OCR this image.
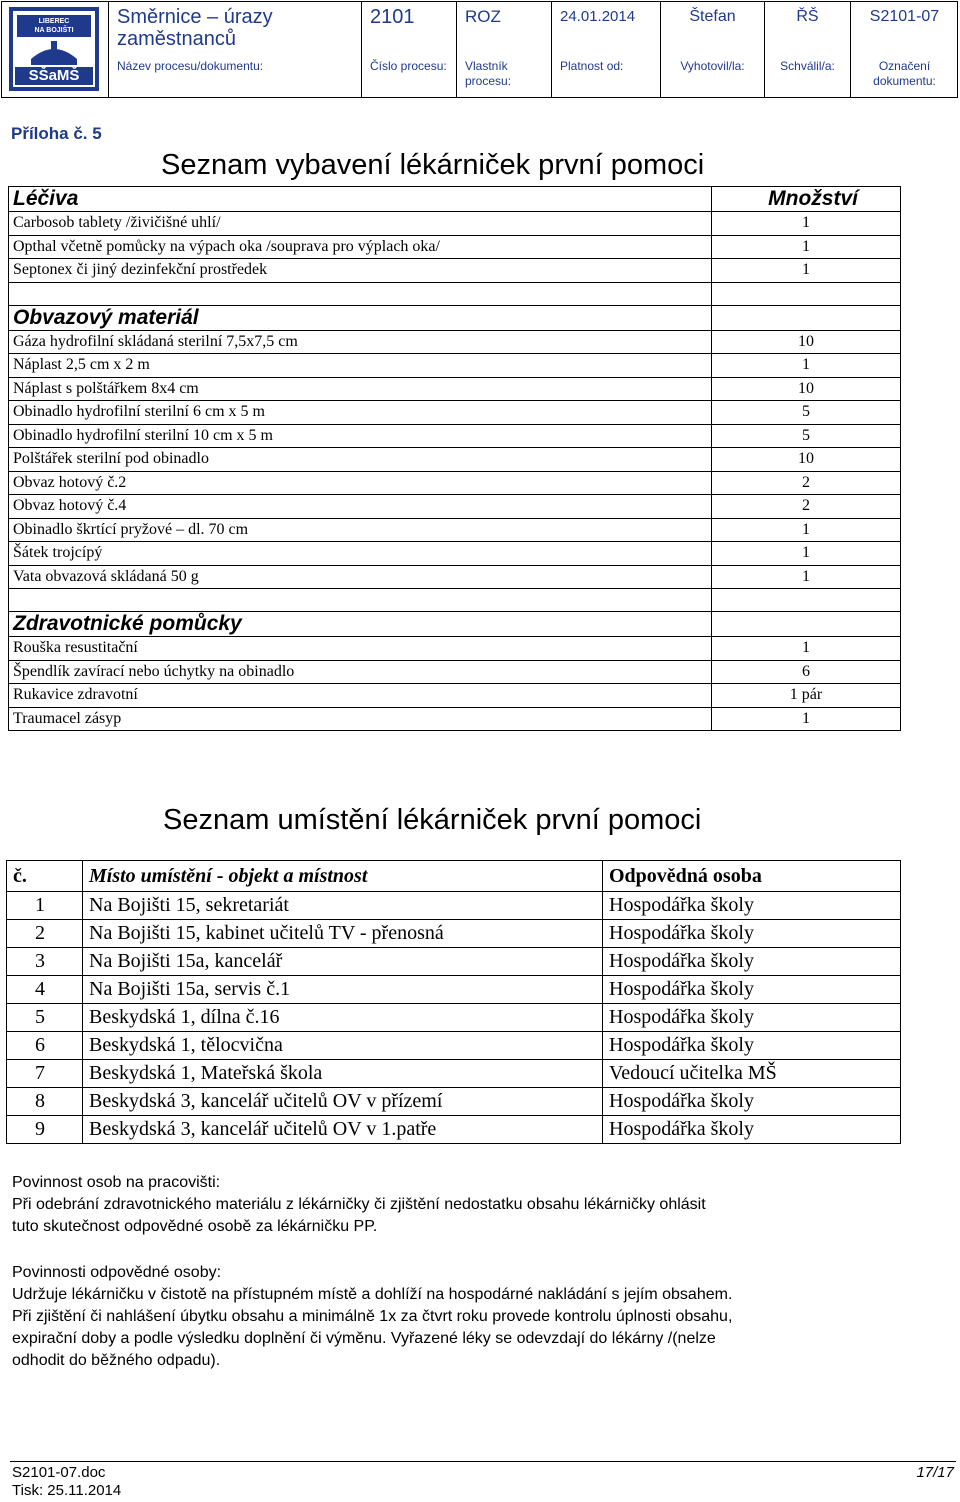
LIBEREC
NA BOJIŠTI
SŠaMŠ
Směrnice – úrazy zaměstnanců
Název procesu/dokumentu:
2101
Číslo procesu:
ROZ
Vlastník procesu:
24.01.2014
Platnost od:
Štefan
Vyhotovil/la:
ŘŠ
Schválil/a:
S2101-07
Označení dokumentu:
Příloha č. 5
Seznam vybavení lékárniček první pomoci
Léčiva	Množství
Carbosob tablety /živičišné uhlí/	1
Opthal včetně pomůcky na výpach oka /souprava pro výplach oka/	1
Septonex či jiný dezinfekční prostředek	1

Obvazový materiál	
Gáza hydrofilní skládaná sterilní 7,5x7,5 cm	10
Náplast 2,5 cm x 2 m	1
Náplast s polštářkem 8x4 cm	10
Obinadlo hydrofilní sterilní 6 cm x 5 m	5
Obinadlo hydrofilní sterilní 10 cm x 5 m	5
Polštářek sterilní pod obinadlo	10
Obvaz hotový č.2	2
Obvaz hotový č.4	2
Obinadlo škrtící pryžové – dl. 70 cm	1
Šátek trojcípý	1
Vata obvazová skládaná 50 g	1

Zdravotnické pomůcky	
Rouška resustitační	1
Špendlík zavírací nebo úchytky na obinadlo	6
Rukavice zdravotní	1 pár
Traumacel zásyp	1
Seznam umístění lékárniček první pomoci
č.	Místo umístění - objekt a místnost	Odpovědná osoba
1	Na Bojišti 15, sekretariát	Hospodářka školy
2	Na Bojišti 15, kabinet učitelů TV - přenosná	Hospodářka školy
3	Na Bojišti 15a, kancelář	Hospodářka školy
4	Na Bojišti 15a, servis č.1	Hospodářka školy
5	Beskydská 1, dílna č.16	Hospodářka školy
6	Beskydská 1, tělocvična	Hospodářka školy
7	Beskydská 1, Mateřská škola	Vedoucí učitelka MŠ
8	Beskydská 3, kancelář učitelů OV v přízemí	Hospodářka školy
9	Beskydská 3, kancelář učitelů OV v 1.patře	Hospodářka školy
Povinnost osob na pracovišti:
Při odebrání zdravotnického materiálu z lékárničky či zjištění nedostatku obsahu lékárničky ohlásit
tuto skutečnost odpovědné osobě za lékárničku PP.
Povinnosti odpovědné osoby:
Udržuje lékárničku v čistotě na přístupném místě a dohlíží na hospodárné nakládání s jejím obsahem.
Při zjištění či nahlášení úbytku obsahu a minimálně 1x za čtvrt roku provede kontrolu úplnosti obsahu,
expirační doby a podle výsledku doplnění či výměnu. Vyřazené léky se odevzdají do lékárny /(nelze
odhodit do běžného odpadu).
S2101-07.doc
Tisk: 25.11.2014
17/17
